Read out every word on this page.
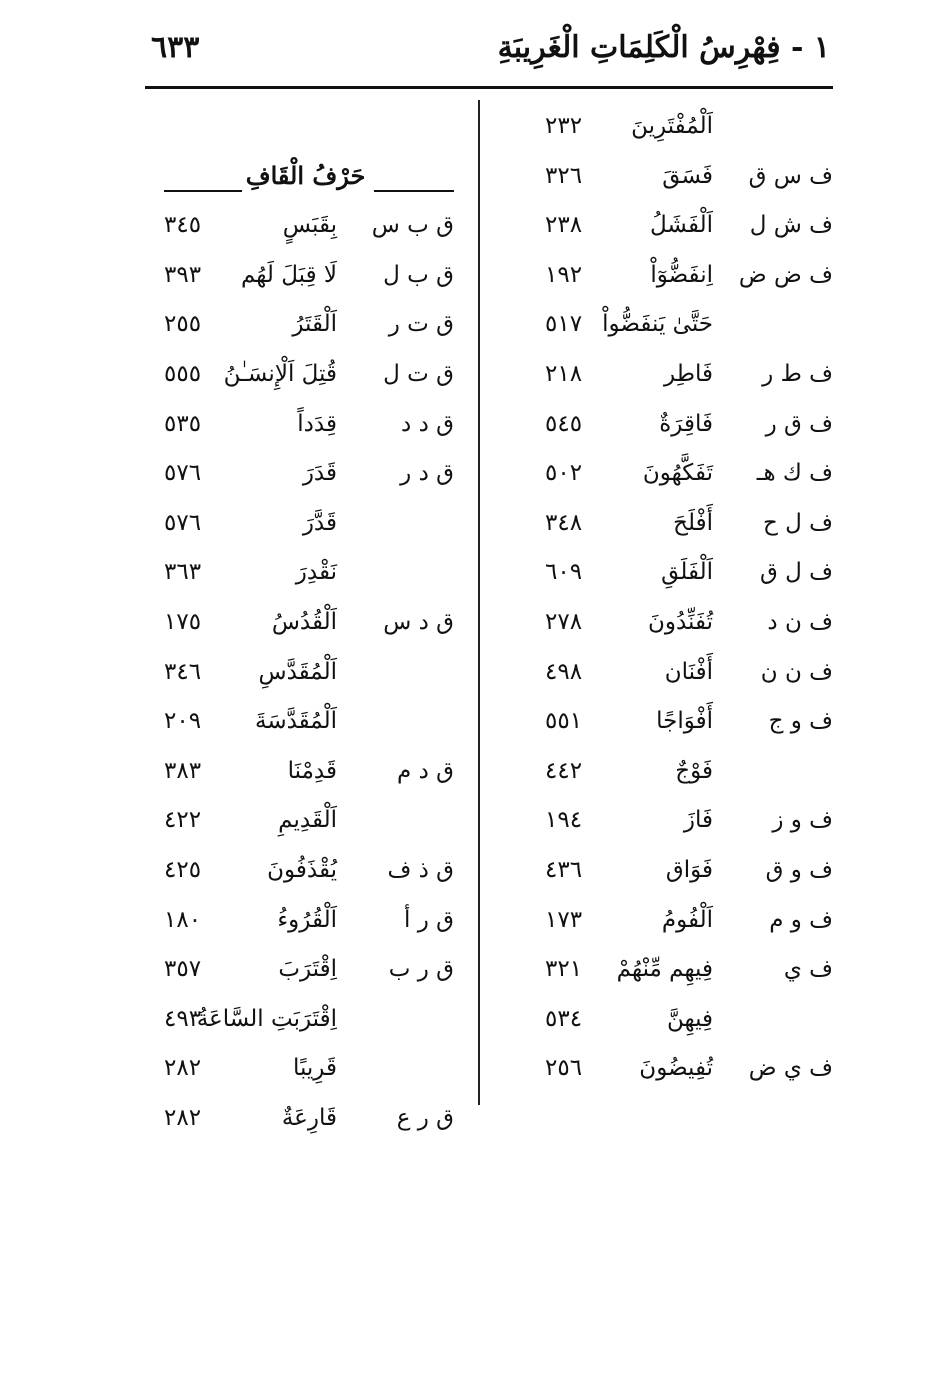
٦٣٣	١ - فِهْرِسُ الْكَلِمَاتِ الْغَرِيبَةِ
اَلْمُفْتَرِينَ
٢٣٢
ف س ق
فَسَقَ
٣٢٦
ف ش ل
اَلْفَشَلُ
٢٣٨
ف ض ض
اِنفَضُّوٓاْ
١٩٢
حَتَّىٰ يَنفَضُّواْ
٥١٧
ف ط ر
فَاطِر
٢١٨
ف ق ر
فَاقِرَةٌ
٥٤٥
ف ك هـ
تَفَكَّهُونَ
٥٠٢
ف ل ح
أَفْلَحَ
٣٤٨
ف ل ق
اَلْفَلَقِ
٦٠٩
ف ن د
تُفَنِّدُونَ
٢٧٨
ف ن ن
أَفْنَان
٤٩٨
ف و ج
أَفْوَاجًا
٥٥١
فَوْجٌ
٤٤٢
ف و ز
فَازَ
١٩٤
ف و ق
فَوَاق
٤٣٦
ف و م
اَلْفُومُ
١٧٣
ف ي
فِيهِم مِّنْهُمْ
٣٢١
فِيهِنَّ
٥٣٤
ف ي ض
تُفِيضُونَ
٢٥٦
حَرْفُ الْقَافِ
ق ب س
بِقَبَسٍ
٣٤٥
ق ب ل
لَا قِبَلَ لَهُم
٣٩٣
ق ت ر
اَلْقَتَرُ
٢٥٥
ق ت ل
قُتِلَ اَلْإِنسَـٰنُ
٥٥٥
ق د د
قِدَداً
٥٣٥
ق د ر
قَدَرَ
٥٧٦
قَدَّرَ
٥٧٦
نَقْدِرَ
٣٦٣
ق د س
اَلْقُدُسُ
١٧٥
اَلْمُقَدَّسِ
٣٤٦
اَلْمُقَدَّسَةَ
٢٠٩
ق د م
قَدِمْنَا
٣٨٣
اَلْقَدِيمِ
٤٢٢
ق ذ ف
يُقْذَفُونَ
٤٢٥
ق ر أ
اَلْقُرُوءُ
١٨٠
ق ر ب
اِقْتَرَبَ
٣٥٧
اِقْتَرَبَتِ السَّاعَةُ
٤٩٣
قَرِيبًا
٢٨٢
ق ر ع
قَارِعَةٌ
٢٨٢
